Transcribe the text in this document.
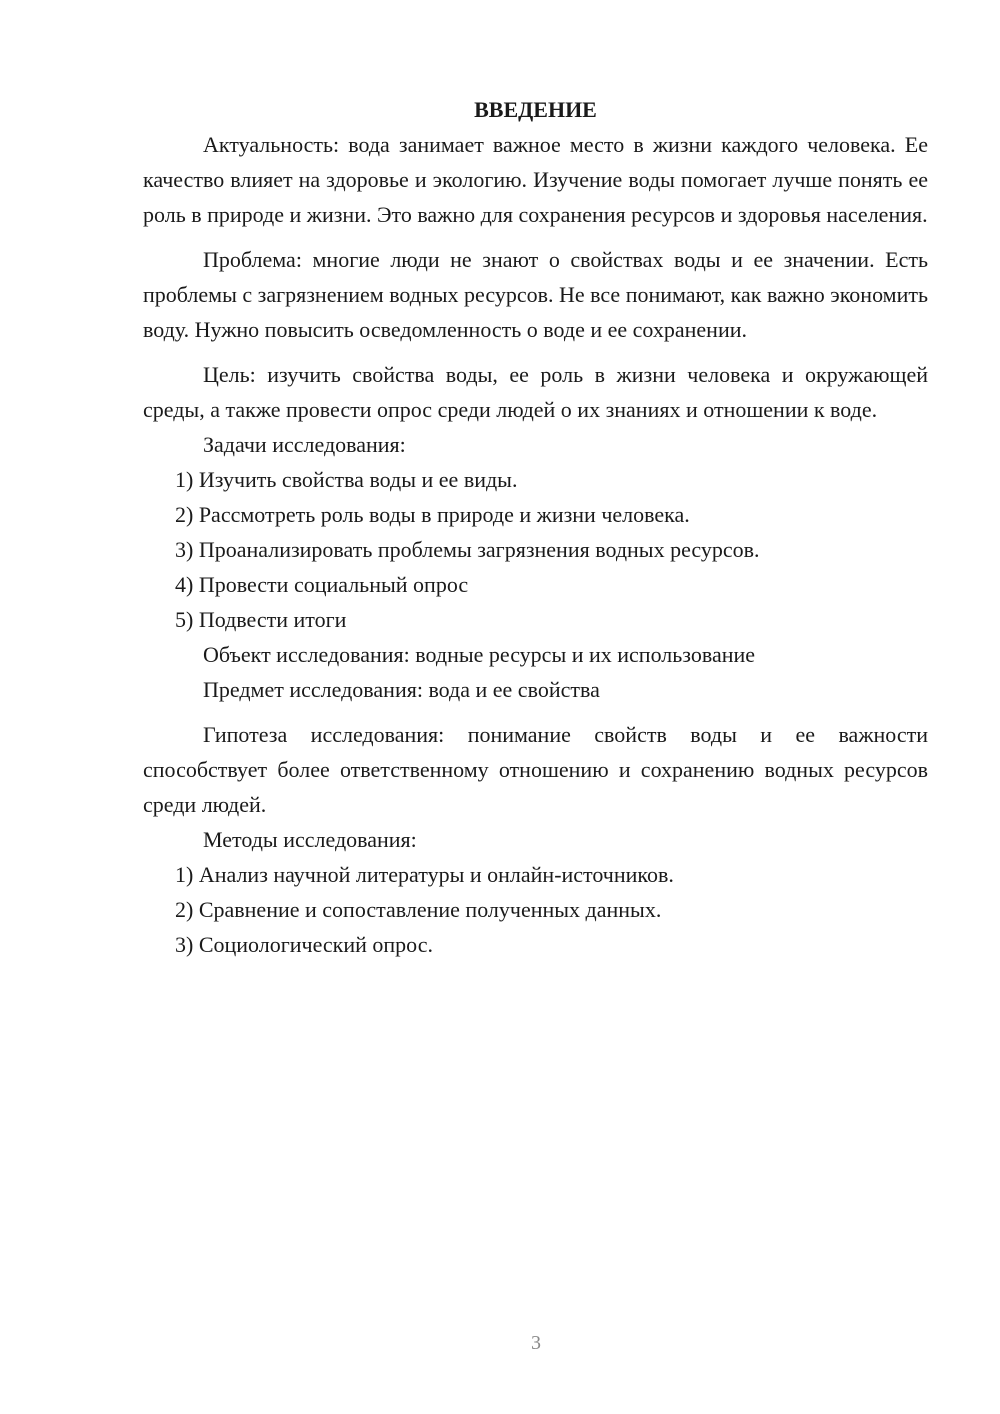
ВВЕДЕНИЕ

Актуальность: вода занимает важное место в жизни каждого человека. Ее качество влияет на здоровье и экологию. Изучение воды помогает лучше понять ее роль в природе и жизни. Это важно для сохранения ресурсов и здоровья населения.

Проблема: многие люди не знают о свойствах воды и ее значении. Есть проблемы с загрязнением водных ресурсов. Не все понимают, как важно экономить воду. Нужно повысить осведомленность о воде и ее сохранении.

Цель: изучить свойства воды, ее роль в жизни человека и окружающей среды, а также провести опрос среди людей о их знаниях и отношении к воде.

Задачи исследования:

1) Изучить свойства воды и ее виды.

2) Рассмотреть роль воды в природе и жизни человека.

3) Проанализировать проблемы загрязнения водных ресурсов.

4) Провести социальный опрос

5) Подвести итоги

Объект исследования: водные ресурсы и их использование

Предмет исследования: вода и ее свойства

Гипотеза исследования: понимание свойств воды и ее важности способствует более ответственному отношению и сохранению водных ресурсов среди людей.

Методы исследования:

1) Анализ научной литературы и онлайн-источников.

2) Сравнение и сопоставление полученных данных.

3) Социологический опрос.

3
